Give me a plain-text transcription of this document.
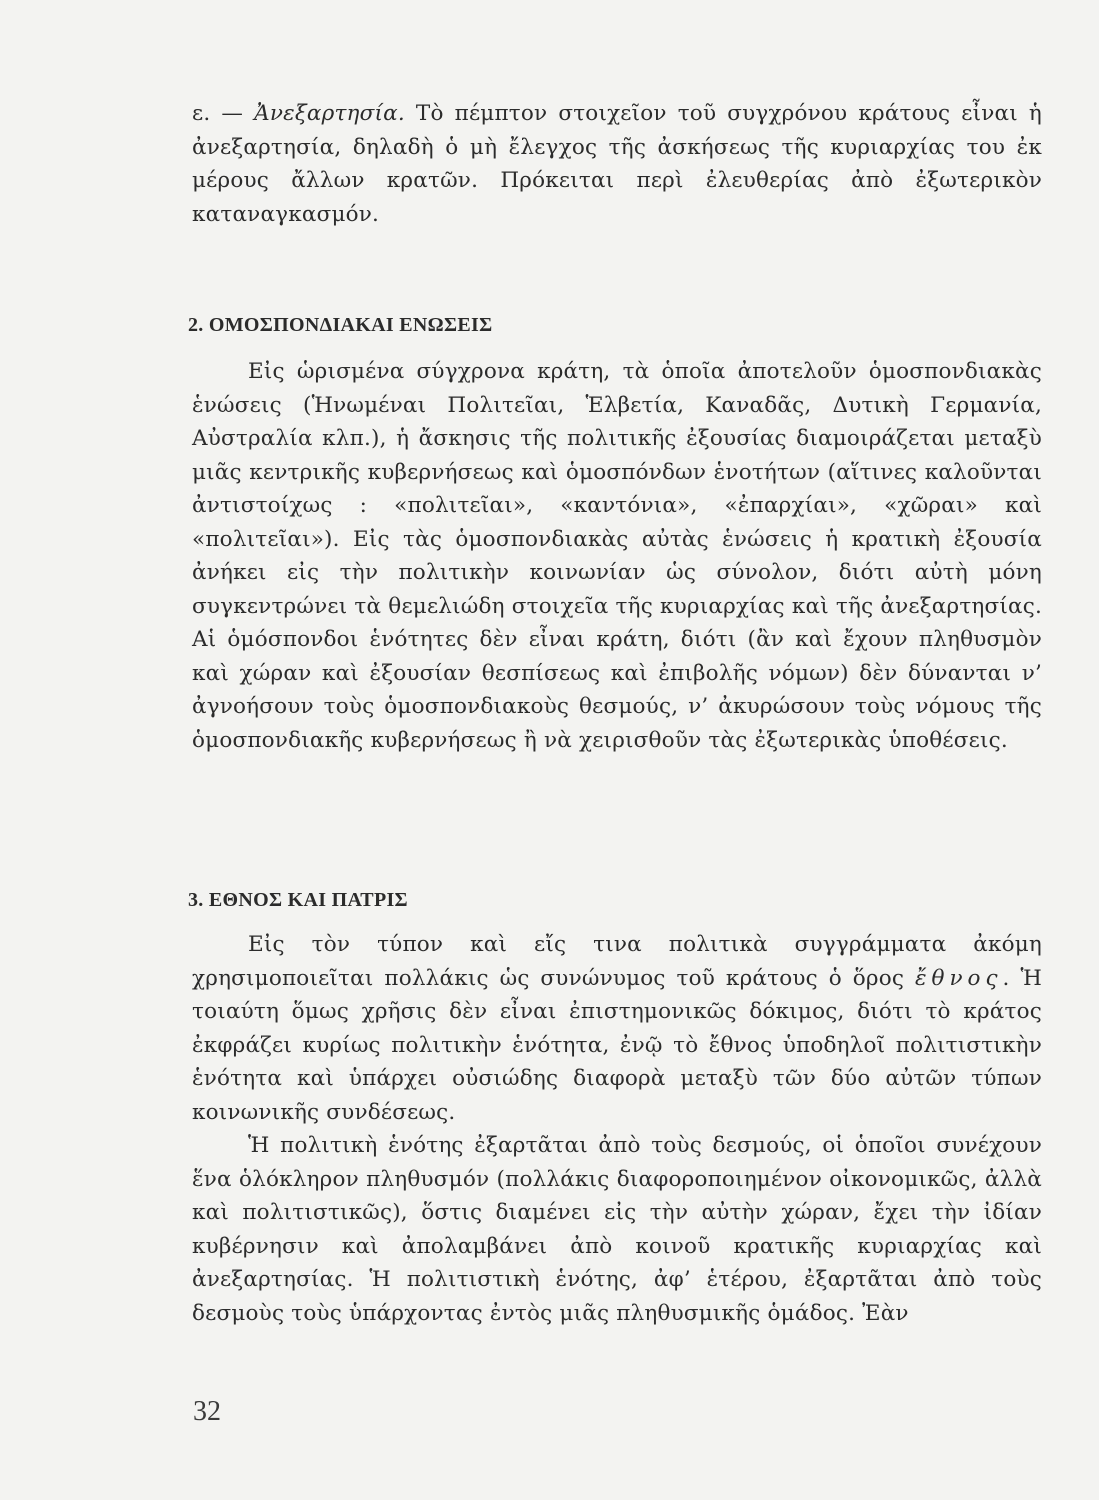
ε. — Ἀνεξαρτησία. Τὸ πέμπτον στοιχεῖον τοῦ συγχρόνου κράτους εἶναι ἡ ἀνεξαρτησία, δηλαδὴ ὁ μὴ ἔλεγχος τῆς ἀσκήσεως τῆς κυριαρχίας του ἐκ μέρους ἄλλων κρατῶν. Πρόκειται περὶ ἐλευθερίας ἀπὸ ἐξωτερικὸν καταναγκασμόν.

2. ΟΜΟΣΠΟΝΔΙΑΚΑΙ ΕΝΩΣΕΙΣ

Εἰς ὡρισμένα σύγχρονα κράτη, τὰ ὁποῖα ἀποτελοῦν ὁμοσπονδιακὰς ἑνώσεις (Ἡνωμέναι Πολιτεῖαι, Ἑλβετία, Καναδᾶς, Δυτικὴ Γερμανία, Αὐστραλία κλπ.), ἡ ἄσκησις τῆς πολιτικῆς ἐξουσίας διαμοιράζεται μεταξὺ μιᾶς κεντρικῆς κυβερνήσεως καὶ ὁμοσπόνδων ἑνοτήτων (αἵτινες καλοῦνται ἀντιστοίχως : «πολιτεῖαι», «καντόνια», «ἐπαρχίαι», «χῶραι» καὶ «πολιτεῖαι»). Εἰς τὰς ὁμοσπονδιακὰς αὐτὰς ἑνώσεις ἡ κρατικὴ ἐξουσία ἀνήκει εἰς τὴν πολιτικὴν κοινωνίαν ὡς σύνολον, διότι αὐτὴ μόνη συγκεντρώνει τὰ θεμελιώδη στοιχεῖα τῆς κυριαρχίας καὶ τῆς ἀνεξαρτησίας. Αἱ ὁμόσπονδοι ἑνότητες δὲν εἶναι κράτη, διότι (ἂν καὶ ἔχουν πληθυσμὸν καὶ χώραν καὶ ἐξουσίαν θεσπίσεως καὶ ἐπιβολῆς νόμων) δὲν δύνανται ν’ ἀγνοήσουν τοὺς ὁμοσπονδιακοὺς θεσμούς, ν’ ἀκυρώσουν τοὺς νόμους τῆς ὁμοσπονδιακῆς κυβερνήσεως ἢ νὰ χειρισθοῦν τὰς ἐξωτερικὰς ὑποθέσεις.

3. ΕΘΝΟΣ ΚΑΙ ΠΑΤΡΙΣ

Εἰς τὸν τύπον καὶ εἴς τινα πολιτικὰ συγγράμματα ἀκόμη χρησιμοποιεῖται πολλάκις ὡς συνώνυμος τοῦ κράτους ὁ ὅρος ἔθνος. Ἡ τοιαύτη ὅμως χρῆσις δὲν εἶναι ἐπιστημονικῶς δόκιμος, διότι τὸ κράτος ἐκφράζει κυρίως πολιτικὴν ἑνότητα, ἐνῷ τὸ ἔθνος ὑποδηλοῖ πολιτιστικὴν ἑνότητα καὶ ὑπάρχει οὐσιώδης διαφορὰ μεταξὺ τῶν δύο αὐτῶν τύπων κοινωνικῆς συνδέσεως.

Ἡ πολιτικὴ ἑνότης ἐξαρτᾶται ἀπὸ τοὺς δεσμούς, οἱ ὁποῖοι συνέχουν ἕνα ὁλόκληρον πληθυσμόν (πολλάκις διαφοροποιημένον οἰκονομικῶς, ἀλλὰ καὶ πολιτιστικῶς), ὅστις διαμένει εἰς τὴν αὐτὴν χώραν, ἔχει τὴν ἰδίαν κυβέρνησιν καὶ ἀπολαμβάνει ἀπὸ κοινοῦ κρατικῆς κυριαρχίας καὶ ἀνεξαρτησίας. Ἡ πολιτιστικὴ ἑνότης, ἀφ’ ἑτέρου, ἐξαρτᾶται ἀπὸ τοὺς δεσμοὺς τοὺς ὑπάρχοντας ἐντὸς μιᾶς πληθυσμικῆς ὁμάδος. Ἐὰν

32
